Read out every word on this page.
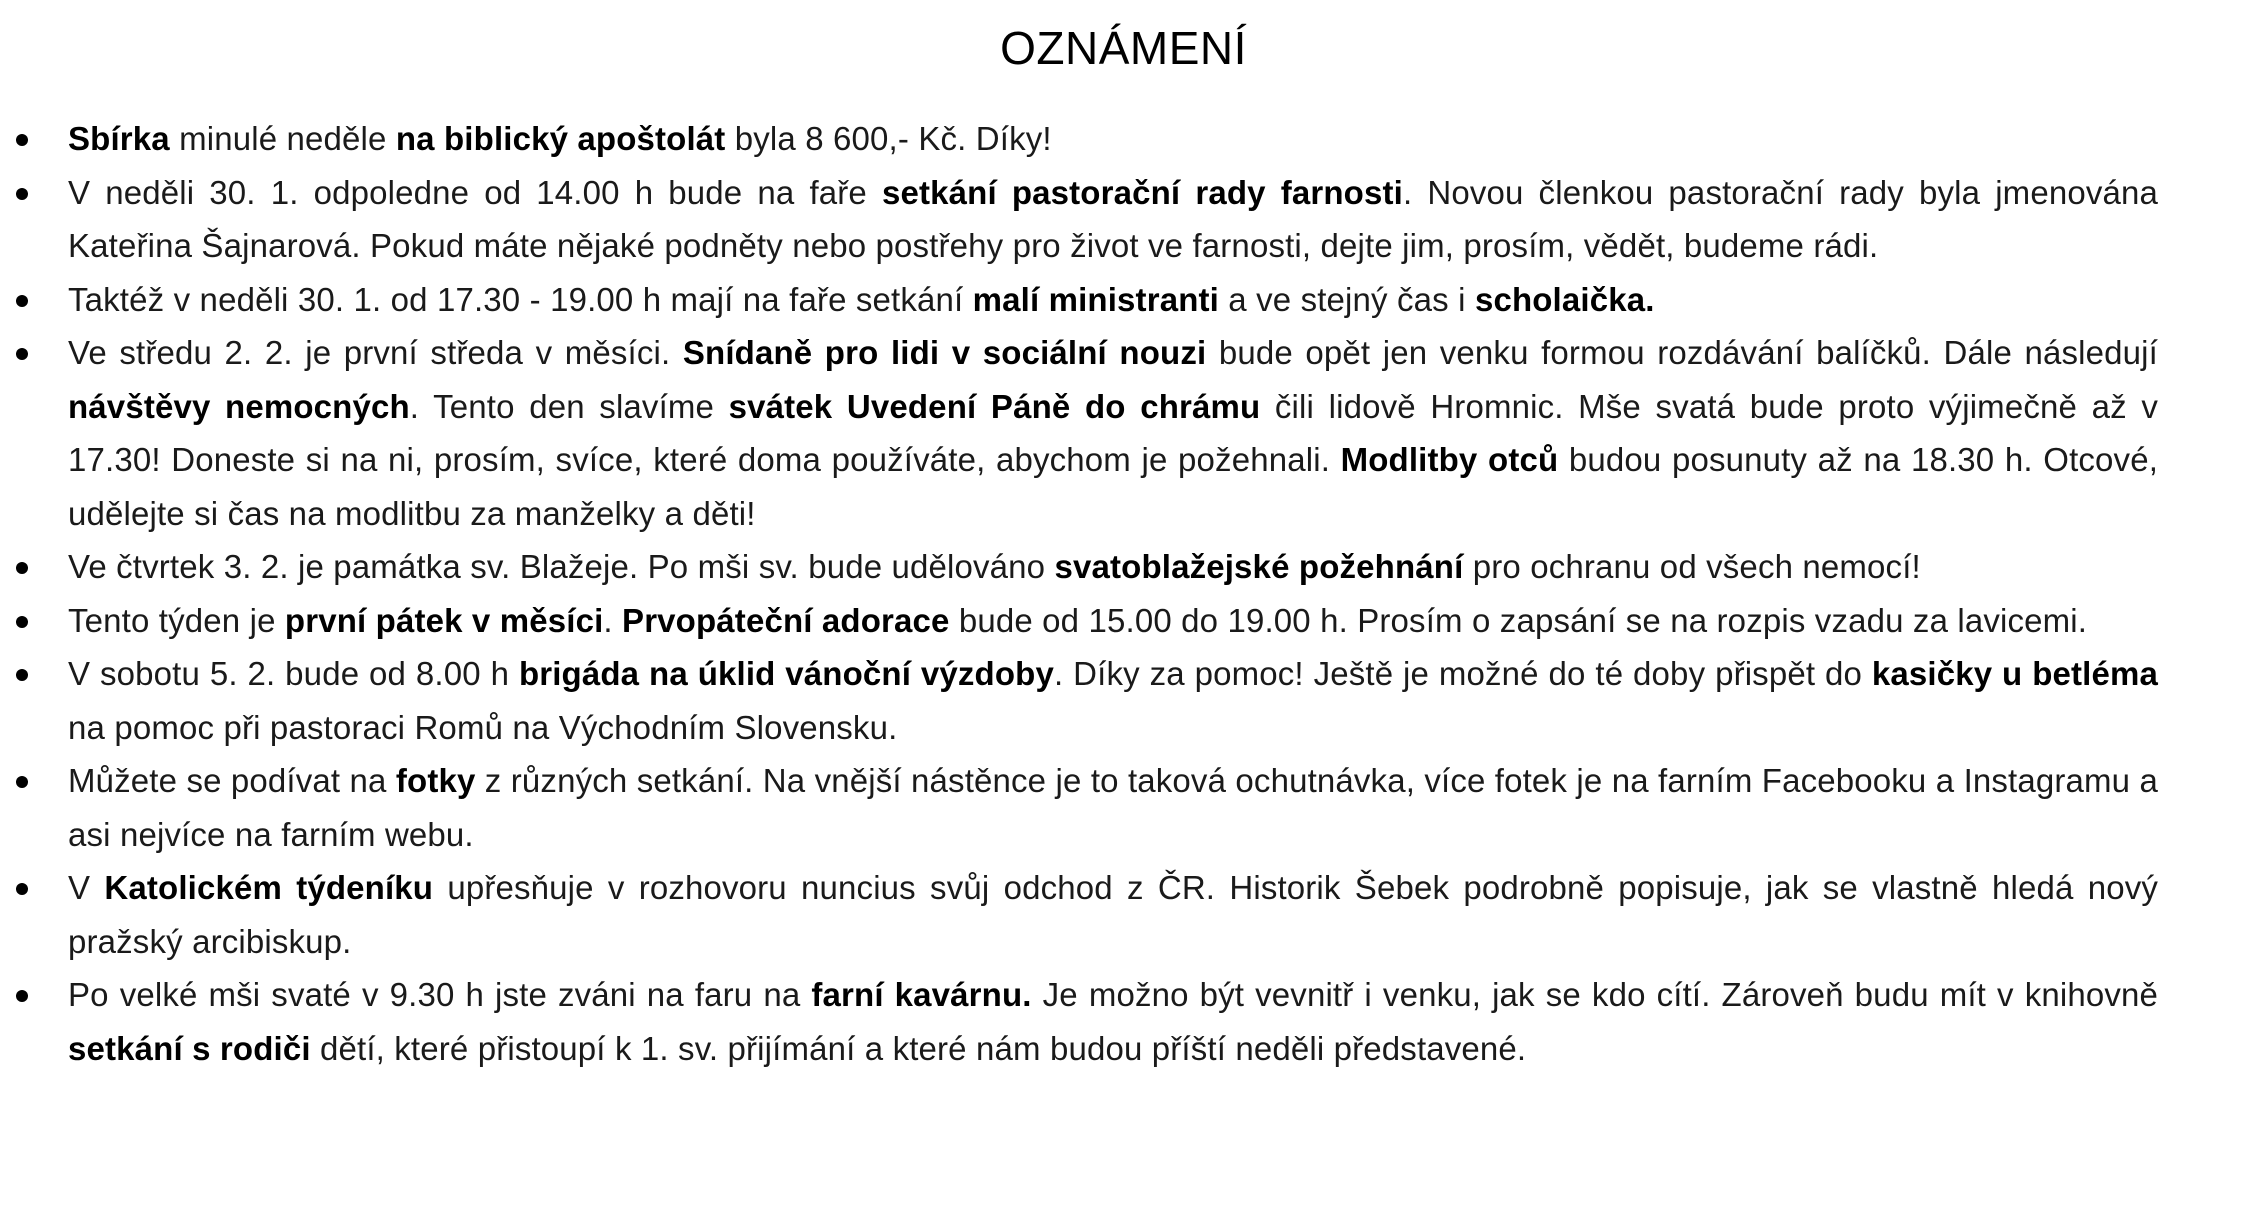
OZNÁMENÍ
Sbírka minulé neděle na biblický apoštolát byla 8 600,- Kč. Díky!
V neděli 30. 1. odpoledne od 14.00 h bude na faře setkání pastorační rady farnosti. Novou členkou pastorační rady byla jmenována Kateřina Šajnarová. Pokud máte nějaké podněty nebo postřehy pro život ve farnosti, dejte jim, prosím, vědět, budeme rádi.
Taktéž v neděli 30. 1. od 17.30 - 19.00 h mají na faře setkání malí ministranti a ve stejný čas i scholaička.
Ve středu 2. 2. je první středa v měsíci. Snídaně pro lidi v sociální nouzi bude opět jen venku formou rozdávání balíčků. Dále následují návštěvy nemocných. Tento den slavíme svátek Uvedení Páně do chrámu čili lidově Hromnic. Mše svatá bude proto výjimečně až v 17.30! Doneste si na ni, prosím, svíce, které doma používáte, abychom je požehnali. Modlitby otců budou posunuty až na 18.30 h. Otcové, udělejte si čas na modlitbu za manželky a děti!
Ve čtvrtek 3. 2. je památka sv. Blažeje. Po mši sv. bude udělováno svatoblažejské požehnání pro ochranu od všech nemocí!
Tento týden je první pátek v měsíci. Prvopáteční adorace bude od 15.00 do 19.00 h. Prosím o zapsání se na rozpis vzadu za lavicemi.
V sobotu 5. 2. bude od 8.00 h brigáda na úklid vánoční výzdoby. Díky za pomoc! Ještě je možné do té doby přispět do kasičky u betléma na pomoc při pastoraci Romů na Východním Slovensku.
Můžete se podívat na fotky z různých setkání. Na vnější nástěnce je to taková ochutnávka, více fotek je na farním Facebooku a Instagramu a asi nejvíce na farním webu.
V Katolickém týdeníku upřesňuje v rozhovoru nuncius svůj odchod z ČR. Historik Šebek podrobně popisuje, jak se vlastně hledá nový pražský arcibiskup.
Po velké mši svaté v 9.30 h jste zváni na faru na farní kavárnu. Je možno být vevnitř i venku, jak se kdo cítí. Zároveň budu mít v knihovně setkání s rodiči dětí, které přistoupí k 1. sv. přijímání a které nám budou příští neděli představené.
